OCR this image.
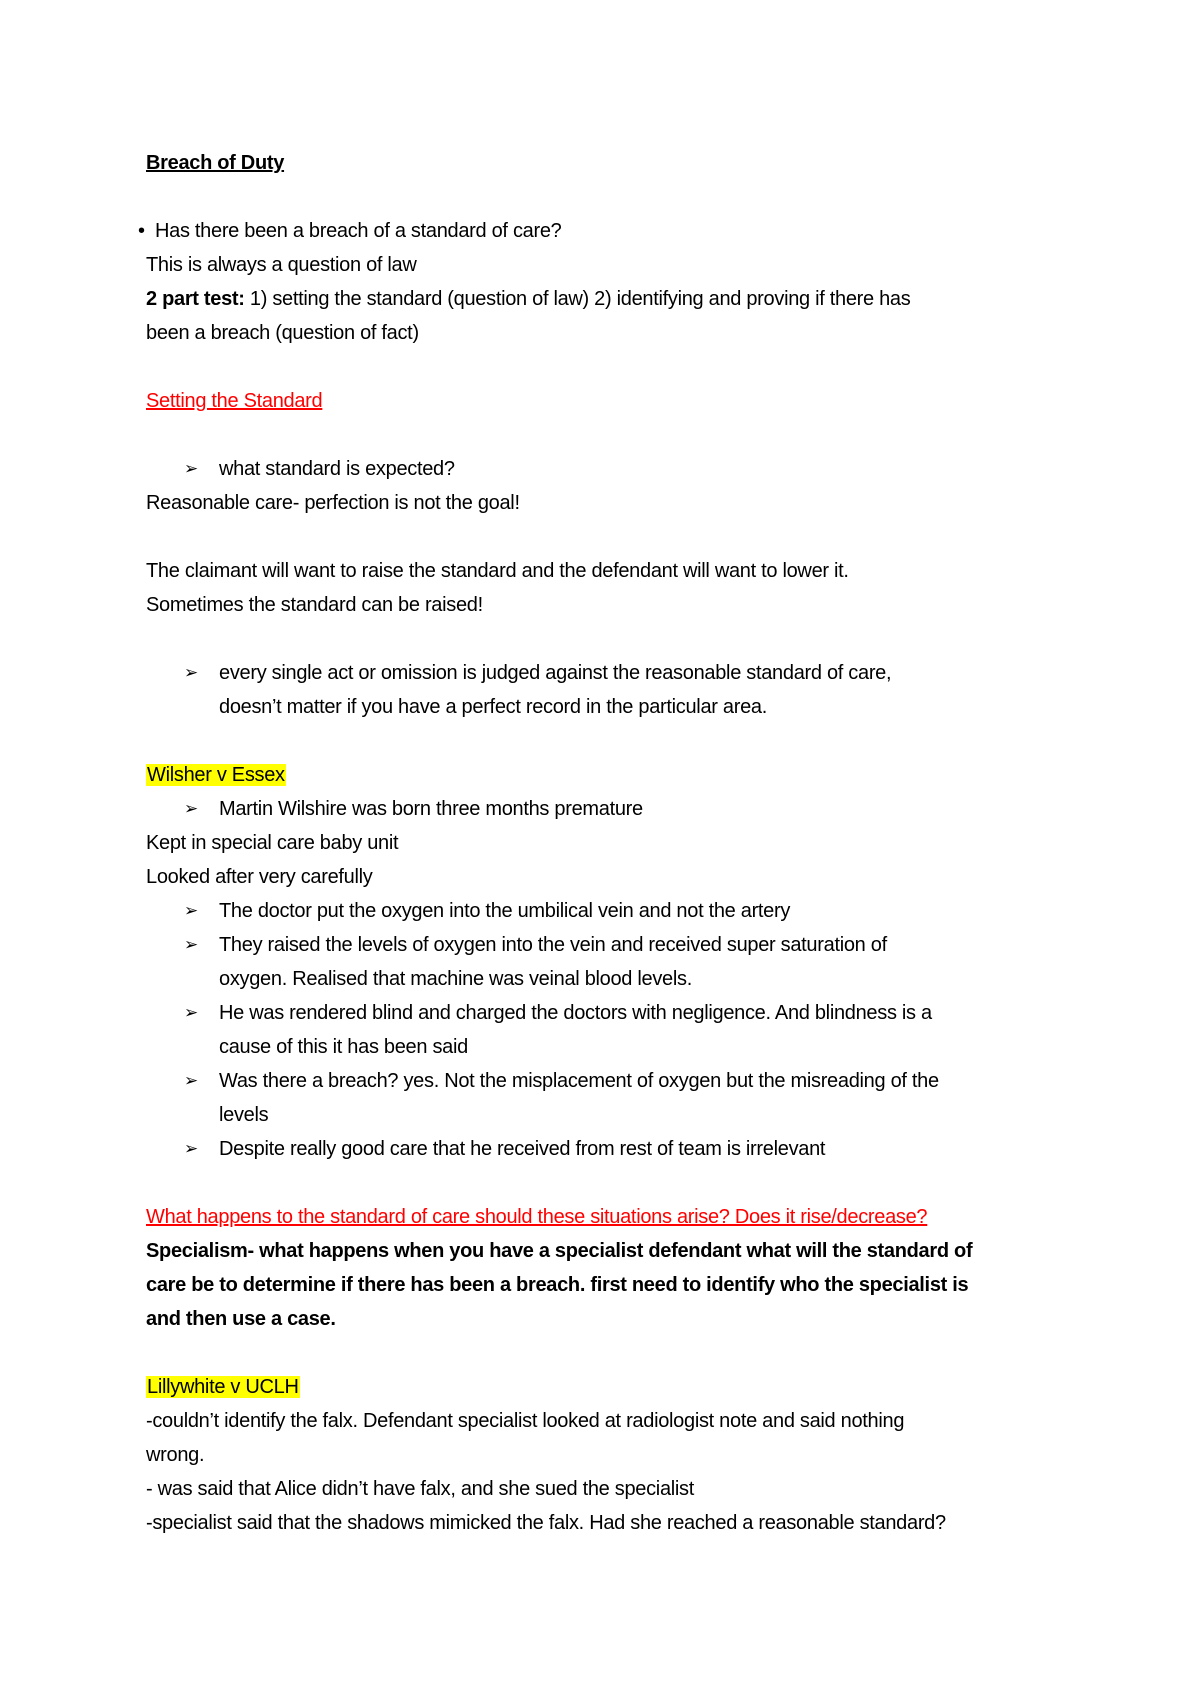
Breach of Duty
• Has there been a breach of a standard of care?
This is always a question of law
2 part test: 1) setting the standard (question of law) 2) identifying and proving if there has
been a breach (question of fact)
Setting the Standard
➢	what standard is expected?
Reasonable care- perfection is not the goal!
The claimant will want to raise the standard and the defendant will want to lower it.
Sometimes the standard can be raised!
➢	every single act or omission is judged against the reasonable standard of care,
doesn’t matter if you have a perfect record in the particular area.
Wilsher v Essex
➢	Martin Wilshire was born three months premature
Kept in special care baby unit
Looked after very carefully
➢	The doctor put the oxygen into the umbilical vein and not the artery
➢	They raised the levels of oxygen into the vein and received super saturation of
oxygen. Realised that machine was veinal blood levels.
➢	He was rendered blind and charged the doctors with negligence. And blindness is a
cause of this it has been said
➢	Was there a breach? yes. Not the misplacement of oxygen but the misreading of the
levels
➢	Despite really good care that he received from rest of team is irrelevant
What happens to the standard of care should these situations arise? Does it rise/decrease?
Specialism- what happens when you have a specialist defendant what will the standard of
care be to determine if there has been a breach. first need to identify who the specialist is
and then use a case.
Lillywhite v UCLH
-couldn’t identify the falx. Defendant specialist looked at radiologist note and said nothing
wrong.
- was said that Alice didn’t have falx, and she sued the specialist
-specialist said that the shadows mimicked the falx. Had she reached a reasonable standard?
